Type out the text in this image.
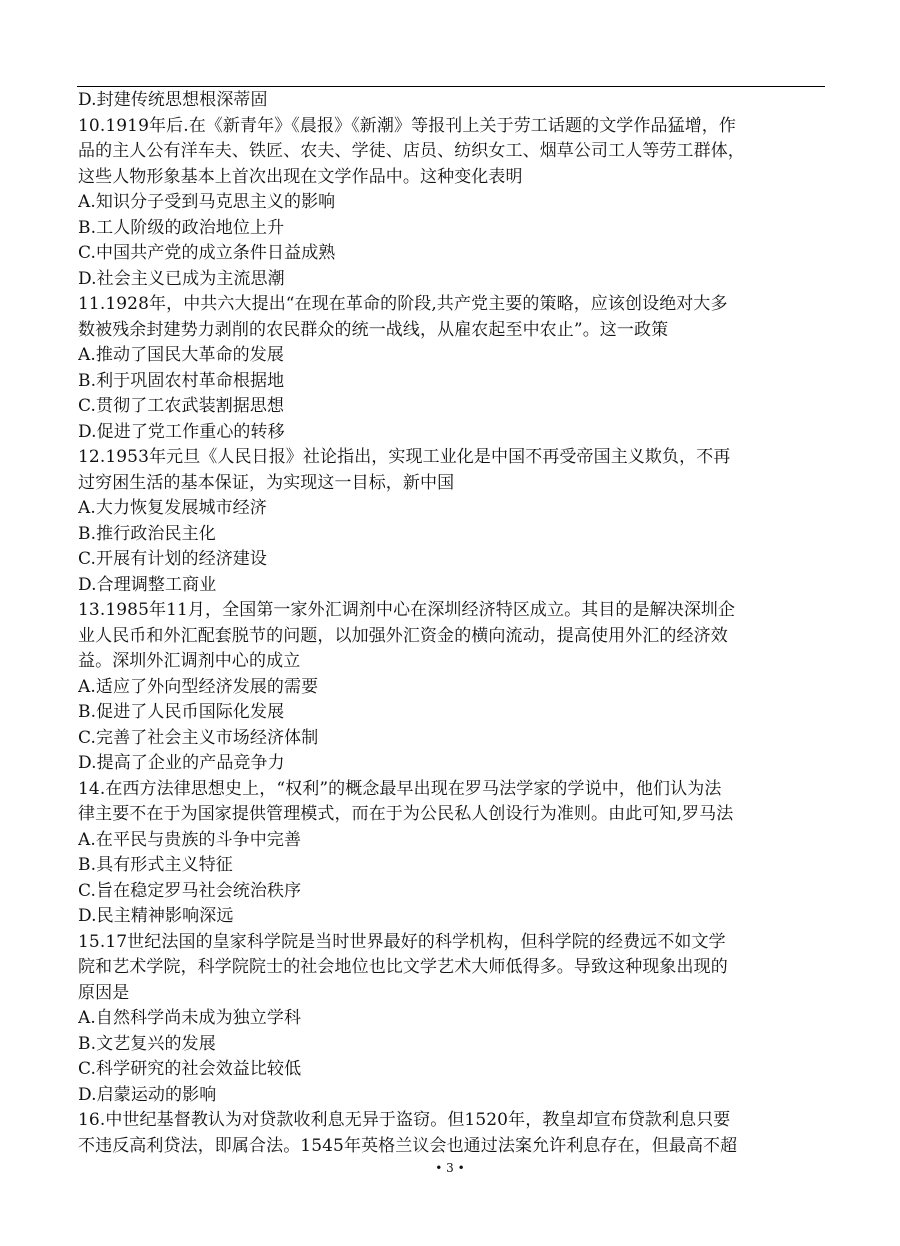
D.封建传统思想根深蒂固
10.1919年后.在《新青年》《晨报》《新潮》等报刊上关于劳工话题的文学作品猛增，作
品的主人公有洋车夫、铁匠、农夫、学徒、店员、纺织女工、烟草公司工人等劳工群体，
这些人物形象基本上首次出现在文学作品中。这种变化表明
A.知识分子受到马克思主义的影响
B.工人阶级的政治地位上升
C.中国共产党的成立条件日益成熟
D.社会主义已成为主流思潮
11.1928年，中共六大提出“在现在革命的阶段,共产党主要的策略，应该创设绝对大多
数被残余封建势力剥削的农民群众的统一战线，从雇农起至中农止”。这一政策
A.推动了国民大革命的发展
B.利于巩固农村革命根据地
C.贯彻了工农武装割据思想
D.促进了党工作重心的转移
12.1953年元旦《人民日报》社论指出，实现工业化是中国不再受帝国主义欺负，不再
过穷困生活的基本保证，为实现这一目标，新中国
A.大力恢复发展城市经济
B.推行政治民主化
C.开展有计划的经济建设
D.合理调整工商业
13.1985年11月，全国第一家外汇调剂中心在深圳经济特区成立。其目的是解决深圳企
业人民币和外汇配套脱节的问题，以加强外汇资金的横向流动，提高使用外汇的经济效
益。深圳外汇调剂中心的成立
A.适应了外向型经济发展的需要
B.促进了人民币国际化发展
C.完善了社会主义市场经济体制
D.提高了企业的产品竞争力
14.在西方法律思想史上，“权利”的概念最早出现在罗马法学家的学说中，他们认为法
律主要不在于为国家提供管理模式，而在于为公民私人创设行为准则。由此可知,罗马法
A.在平民与贵族的斗争中完善
B.具有形式主义特征
C.旨在稳定罗马社会统治秩序
D.民主精神影响深远
15.17世纪法国的皇家科学院是当时世界最好的科学机构，但科学院的经费远不如文学
院和艺术学院，科学院院士的社会地位也比文学艺术大师低得多。导致这种现象出现的
原因是
A.自然科学尚未成为独立学科
B.文艺复兴的发展
C.科学研究的社会效益比较低
D.启蒙运动的影响
16.中世纪基督教认为对贷款收利息无异于盗窃。但1520年，教皇却宣布贷款利息只要
不违反高利贷法，即属合法。1545年英格兰议会也通过法案允许利息存在，但最高不超
• 3 •
